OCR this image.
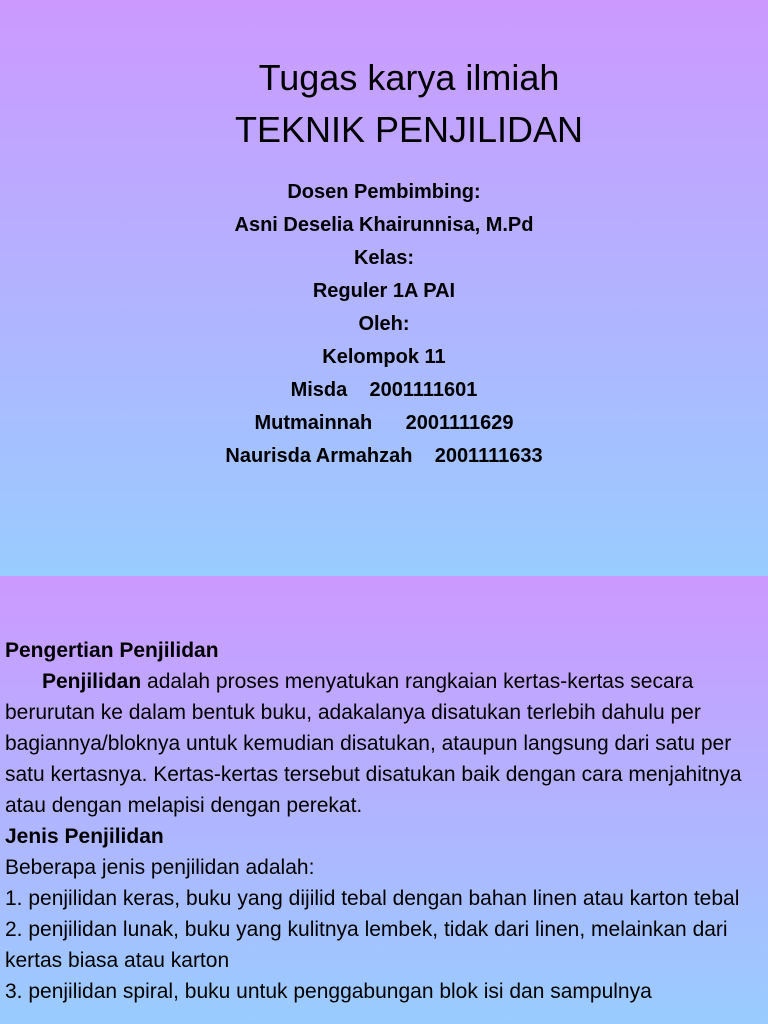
Tugas karya ilmiah
TEKNIK PENJILIDAN
Dosen Pembimbing:
Asni Deselia Khairunnisa, M.Pd
Kelas:
Reguler 1A PAI
Oleh:
Kelompok 11
Misda    2001111601
Mutmainnah      2001111629
Naurisda Armahzah    2001111633
Pengertian Penjilidan
Penjilidan adalah proses menyatukan rangkaian kertas-kertas secara berurutan ke dalam bentuk buku, adakalanya disatukan terlebih dahulu per bagiannya/bloknya untuk kemudian disatukan, ataupun langsung dari satu per satu kertasnya. Kertas-kertas tersebut disatukan baik dengan cara menjahitnya atau dengan melapisi dengan perekat.
Jenis Penjilidan
Beberapa jenis penjilidan adalah:
1. penjilidan keras, buku yang dijilid tebal dengan bahan linen atau karton tebal
2. penjilidan lunak, buku yang kulitnya lembek, tidak dari linen, melainkan dari kertas biasa atau karton
3. penjilidan spiral, buku untuk penggabungan blok isi dan sampulnya
